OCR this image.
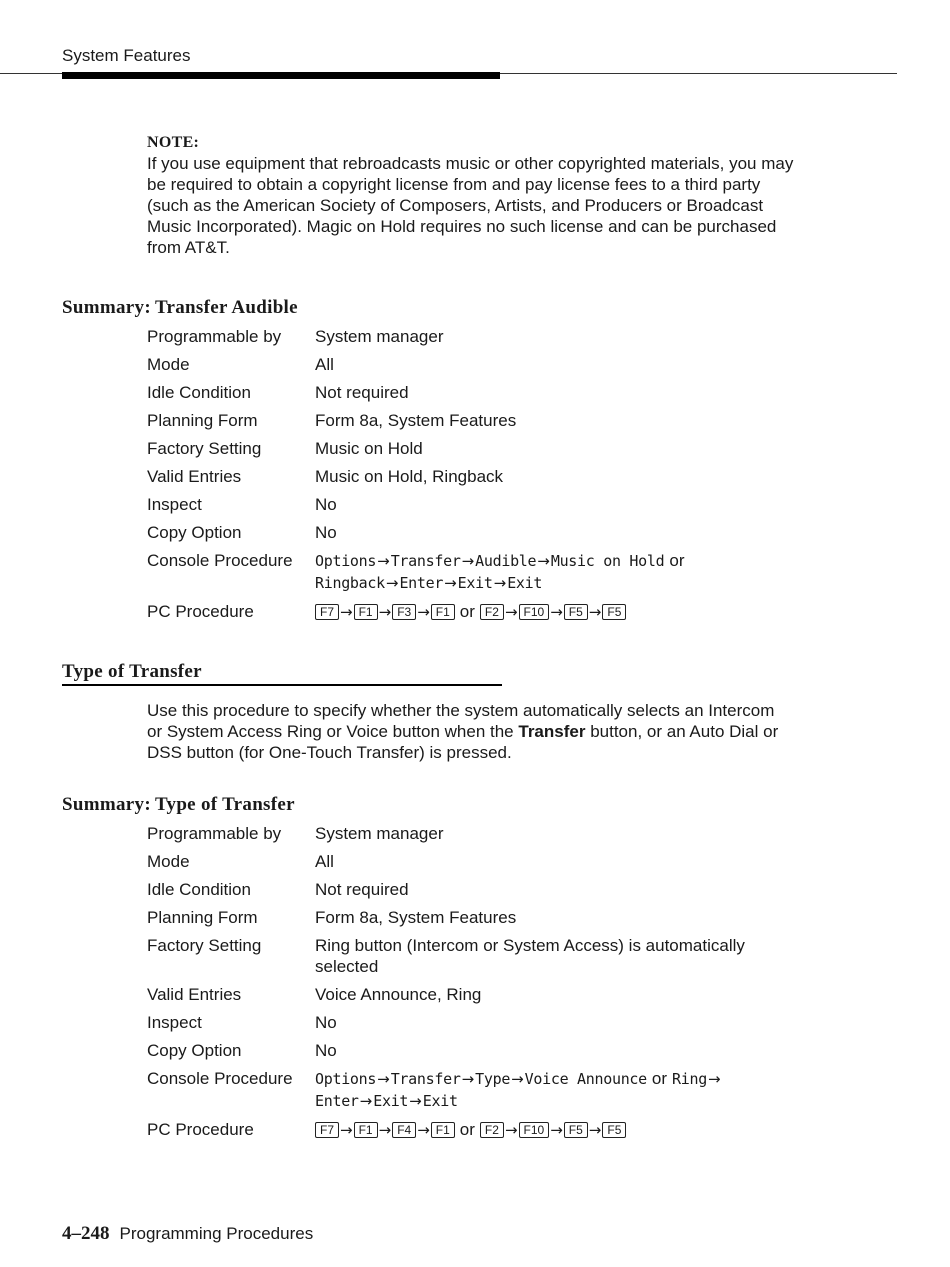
System Features
NOTE:
If you use equipment that rebroadcasts music or other copyrighted materials, you may be required to obtain a copyright license from and pay license fees to a third party (such as the American Society of Composers, Artists, and Producers or Broadcast Music Incorporated). Magic on Hold requires no such license and can be purchased from AT&T.
Summary: Transfer Audible
Programmable by	System manager
Mode	All
Idle Condition	Not required
Planning Form	Form 8a, System Features
Factory Setting	Music on Hold
Valid Entries	Music on Hold, Ringback
Inspect	No
Copy Option	No
Console Procedure	Options→Transfer→Audible→Music on Hold or
Ringback→Enter→Exit→Exit
PC Procedure	F7 → F1 → F3 → F1 or F2 → F10 → F5 → F5
Type of Transfer
Use this procedure to specify whether the system automatically selects an Intercom or System Access Ring or Voice button when the Transfer button, or an Auto Dial or DSS button (for One-Touch Transfer) is pressed.
Summary: Type of Transfer
Programmable by	System manager
Mode	All
Idle Condition	Not required
Planning Form	Form 8a, System Features
Factory Setting	Ring button (Intercom or System Access) is automatically selected
Valid Entries	Voice Announce, Ring
Inspect	No
Copy Option	No
Console Procedure	Options→Transfer→Type→Voice Announce or Ring→
Enter→Exit→Exit
PC Procedure	F7 → F1 → F4 → F1 or F2 → F10 → F5 → F5
4–248 Programming Procedures
